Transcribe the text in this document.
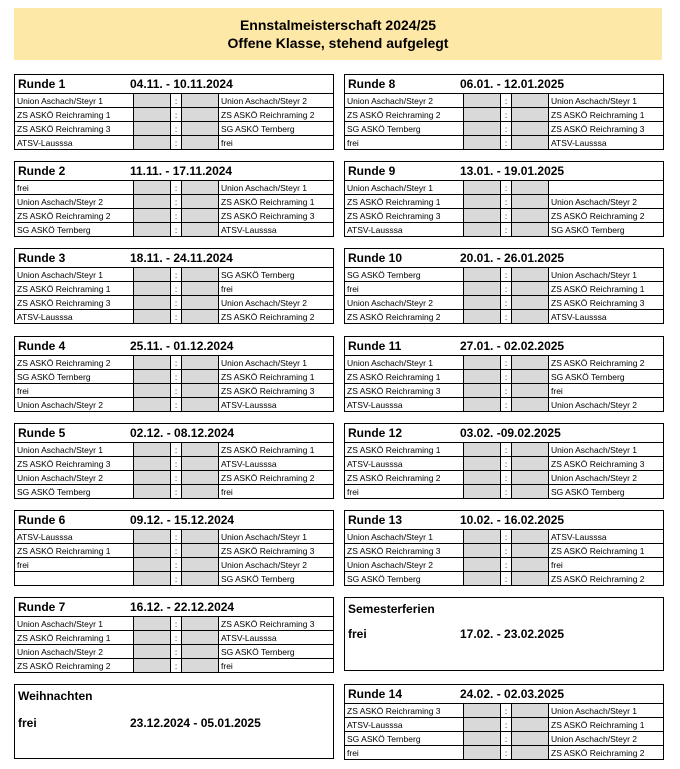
Ennstalmeisterschaft 2024/25
Offene Klasse, stehend aufgelegt
Runde 1	04.11. - 10.11.2024
Union Aschach/Steyr 1		:		Union Aschach/Steyr 2
ZS ASKÖ Reichraming 1		:		ZS ASKÖ Reichraming 2
ZS ASKÖ Reichraming 3		:		SG ASKÖ Ternberg
ATSV-Lausssa		:		frei
Runde 2	11.11. - 17.11.2024
frei		:		Union Aschach/Steyr 1
Union Aschach/Steyr 2		:		ZS ASKÖ Reichraming 1
ZS ASKÖ Reichraming 2		:		ZS ASKÖ Reichraming 3
SG ASKÖ Ternberg		:		ATSV-Lausssa
Runde 3	18.11. - 24.11.2024
Union Aschach/Steyr 1		:		SG ASKÖ Ternberg
ZS ASKÖ Reichraming 1		:		frei
ZS ASKÖ Reichraming 3		:		Union Aschach/Steyr 2
ATSV-Lausssa		:		ZS ASKÖ Reichraming 2
Runde 4	25.11. - 01.12.2024
ZS ASKÖ Reichraming 2		:		Union Aschach/Steyr 1
SG ASKÖ Ternberg		:		ZS ASKÖ Reichraming 1
frei		:		ZS ASKÖ Reichraming 3
Union Aschach/Steyr 2		:		ATSV-Lausssa
Runde 5	02.12. - 08.12.2024
Union Aschach/Steyr 1		:		ZS ASKÖ Reichraming 1
ZS ASKÖ Reichraming 3		:		ATSV-Lausssa
Union Aschach/Steyr 2		:		ZS ASKÖ Reichraming 2
SG ASKÖ Ternberg		:		frei
Runde 6	09.12. - 15.12.2024
ATSV-Lausssa		:		Union Aschach/Steyr 1
ZS ASKÖ Reichraming 1		:		ZS ASKÖ Reichraming 3
frei		:		Union Aschach/Steyr 2
		:		SG ASKÖ Ternberg
Runde 7	16.12. - 22.12.2024
Union Aschach/Steyr 1		:		ZS ASKÖ Reichraming 3
ZS ASKÖ Reichraming 1		:		ATSV-Lausssa
Union Aschach/Steyr 2		:		SG ASKÖ Ternberg
ZS ASKÖ Reichraming 2		:		frei
Runde 8	06.01. - 12.01.2025
Union Aschach/Steyr 2		:		Union Aschach/Steyr 1
ZS ASKÖ Reichraming 2		:		ZS ASKÖ Reichraming 1
SG ASKÖ Ternberg		:		ZS ASKÖ Reichraming 3
frei		:		ATSV-Lausssa
Runde 9	13.01. - 19.01.2025
Union Aschach/Steyr 1		:		
ZS ASKÖ Reichraming 1		:		Union Aschach/Steyr 2
ZS ASKÖ Reichraming 3		:		ZS ASKÖ Reichraming 2
ATSV-Lausssa		:		SG ASKÖ Ternberg
Runde 10	20.01. - 26.01.2025
SG ASKÖ Ternberg		:		Union Aschach/Steyr 1
frei		:		ZS ASKÖ Reichraming 1
Union Aschach/Steyr 2		:		ZS ASKÖ Reichraming 3
ZS ASKÖ Reichraming 2		:		ATSV-Lausssa
Runde 11	27.01. - 02.02.2025
Union Aschach/Steyr 1		:		ZS ASKÖ Reichraming 2
ZS ASKÖ Reichraming 1		:		SG ASKÖ Ternberg
ZS ASKÖ Reichraming 3		:		frei
ATSV-Lausssa		:		Union Aschach/Steyr 2
Runde 12	03.02. -09.02.2025
ZS ASKÖ Reichraming 1		:		Union Aschach/Steyr 1
ATSV-Lausssa		:		ZS ASKÖ Reichraming 3
ZS ASKÖ Reichraming 2		:		Union Aschach/Steyr 2
frei		:		SG ASKÖ Ternberg
Runde 13	10.02. - 16.02.2025
Union Aschach/Steyr 1		:		ATSV-Lausssa
ZS ASKÖ Reichraming 3		:		ZS ASKÖ Reichraming 1
Union Aschach/Steyr 2		:		frei
SG ASKÖ Ternberg		:		ZS ASKÖ Reichraming 2
Runde 14	24.02. - 02.03.2025
ZS ASKÖ Reichraming 3		:		Union Aschach/Steyr 1
ATSV-Lausssa		:		ZS ASKÖ Reichraming 1
SG ASKÖ Ternberg		:		Union Aschach/Steyr 2
frei		:		ZS ASKÖ Reichraming 2
Semesterferien
frei	17.02. - 23.02.2025
Weihnachten
frei	23.12.2024 - 05.01.2025
